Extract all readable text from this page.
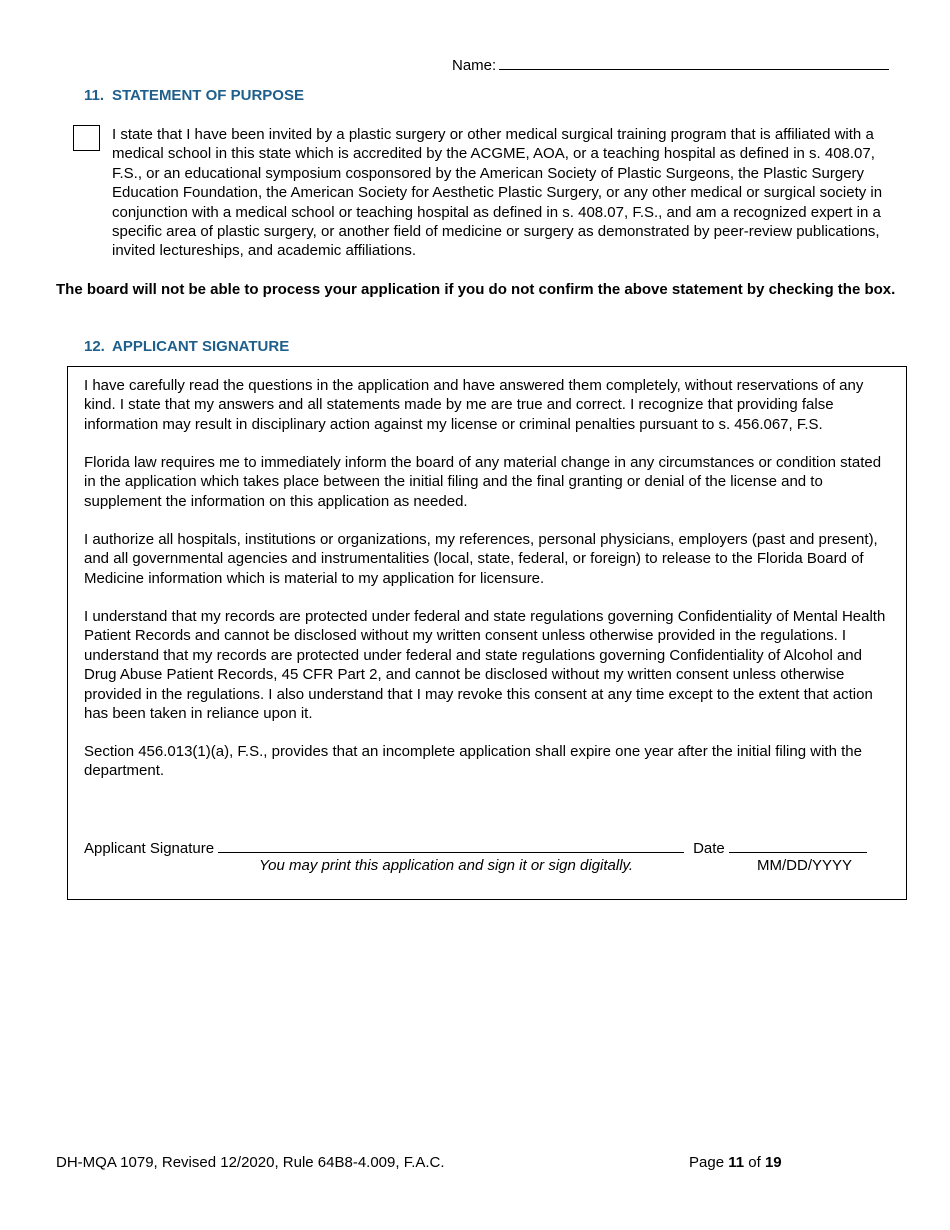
Name:
11. STATEMENT OF PURPOSE
I state that I have been invited by a plastic surgery or other medical surgical training program that is affiliated with a medical school in this state which is accredited by the ACGME, AOA, or a teaching hospital as defined in s. 408.07, F.S., or an educational symposium cosponsored by the American Society of Plastic Surgeons, the Plastic Surgery Education Foundation, the American Society for Aesthetic Plastic Surgery, or any other medical or surgical society in conjunction with a medical school or teaching hospital as defined in s. 408.07, F.S., and am a recognized expert in a specific area of plastic surgery, or another field of medicine or surgery as demonstrated by peer-review publications, invited lectureships, and academic affiliations.
The board will not be able to process your application if you do not confirm the above statement by checking the box.
12. APPLICANT SIGNATURE

I have carefully read the questions in the application and have answered them completely, without reservations of any kind. I state that my answers and all statements made by me are true and correct. I recognize that providing false information may result in disciplinary action against my license or criminal penalties pursuant to s. 456.067, F.S.

Florida law requires me to immediately inform the board of any material change in any circumstances or condition stated in the application which takes place between the initial filing and the final granting or denial of the license and to supplement the information on this application as needed.

I authorize all hospitals, institutions or organizations, my references, personal physicians, employers (past and present), and all governmental agencies and instrumentalities (local, state, federal, or foreign) to release to the Florida Board of Medicine information which is material to my application for licensure.

I understand that my records are protected under federal and state regulations governing Confidentiality of Mental Health Patient Records and cannot be disclosed without my written consent unless otherwise provided in the regulations. I understand that my records are protected under federal and state regulations governing Confidentiality of Alcohol and Drug Abuse Patient Records, 45 CFR Part 2, and cannot be disclosed without my written consent unless otherwise provided in the regulations. I also understand that I may revoke this consent at any time except to the extent that action has been taken in reliance upon it.

Section 456.013(1)(a), F.S., provides that an incomplete application shall expire one year after the initial filing with the department.

Applicant Signature	Date
You may print this application and sign it or sign digitally.	MM/DD/YYYY
DH-MQA 1079, Revised 12/2020, Rule 64B8-4.009, F.A.C.	Page 11 of 19
